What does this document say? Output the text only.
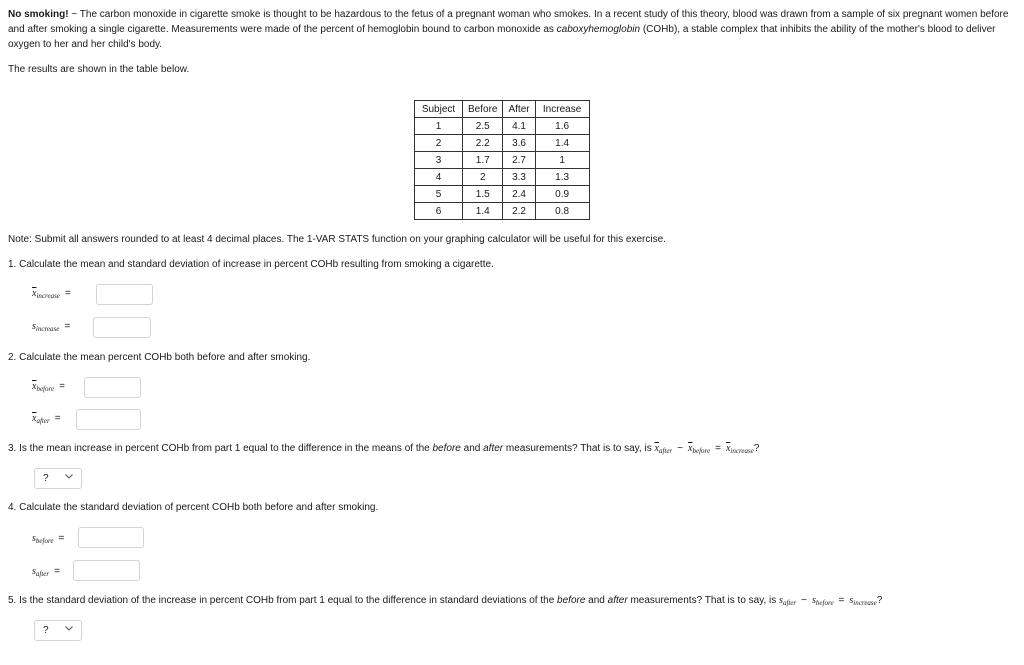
No smoking! ~ The carbon monoxide in cigarette smoke is thought to be hazardous to the fetus of a pregnant woman who smokes. In a recent study of this theory, blood was drawn from a sample of six pregnant women before and after smoking a single cigarette. Measurements were made of the percent of hemoglobin bound to carbon monoxide as caboxyhemoglobin (COHb), a stable complex that inhibits the ability of the mother's blood to deliver oxygen to her and her child's body.
The results are shown in the table below.
Subject	Before	After	Increase
1	2.5	4.1	1.6
2	2.2	3.6	1.4
3	1.7	2.7	1
4	2	3.3	1.3
5	1.5	2.4	0.9
6	1.4	2.2	0.8
Note: Submit all answers rounded to at least 4 decimal places. The 1-VAR STATS function on your graphing calculator will be useful for this exercise.
1. Calculate the mean and standard deviation of increase in percent COHb resulting from smoking a cigarette.
$\overline{x}_{increase}$ =
$s_{increase}$ =
2. Calculate the mean percent COHb both before and after smoking.
$\overline{x}_{before}$ =
$\overline{x}_{after}$ =
3. Is the mean increase in percent COHb from part 1 equal to the difference in the means of the before and after measurements? That is to say, is $\overline{x}_{after} - \overline{x}_{before} = \overline{x}_{increase}$?
?
4. Calculate the standard deviation of percent COHb both before and after smoking.
$s_{before}$ =
$s_{after}$ =
5. Is the standard deviation of the increase in percent COHb from part 1 equal to the difference in standard deviations of the before and after measurements? That is to say, is $s_{after} - s_{before} = s_{increase}$?
?
